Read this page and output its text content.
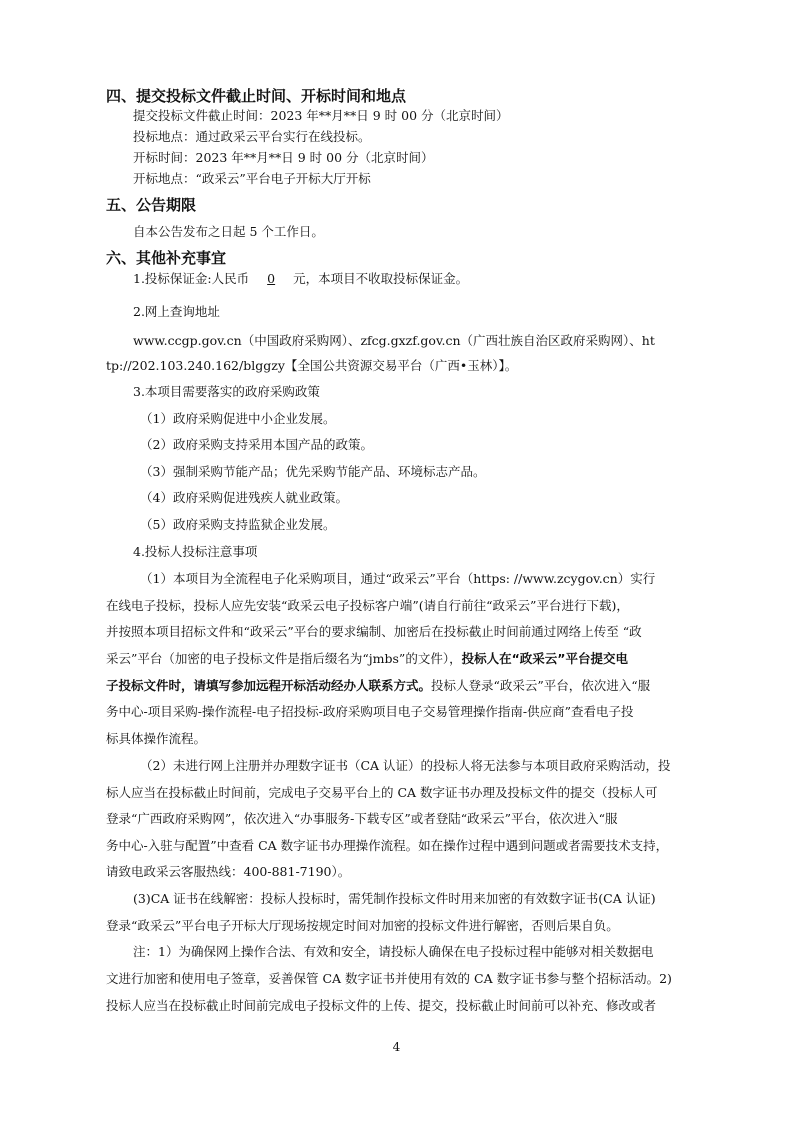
四、提交投标文件截止时间、开标时间和地点
提交投标文件截止时间：2023 年**月**日 9 时 00 分（北京时间）
投标地点：通过政采云平台实行在线投标。
开标时间：2023 年**月**日 9 时 00 分（北京时间）
开标地点：“政采云”平台电子开标大厅开标
五、公告期限
自本公告发布之日起 5 个工作日。
六、其他补充事宜
1.投标保证金:人民币 0 元，本项目不收取投标保证金。
2.网上查询地址
www.ccgp.gov.cn（中国政府采购网）、zfcg.gxzf.gov.cn（广西壮族自治区政府采购网）、ht
tp://202.103.240.162/blggzy【全国公共资源交易平台（广西•玉林）】。
3.本项目需要落实的政府采购政策
（1）政府采购促进中小企业发展。
（2）政府采购支持采用本国产品的政策。
（3）强制采购节能产品；优先采购节能产品、环境标志产品。
（4）政府采购促进残疾人就业政策。
（5）政府采购支持监狱企业发展。
4.投标人投标注意事项
（1）本项目为全流程电子化采购项目，通过“政采云”平台（https: //www.zcygov.cn）实行
在线电子投标，投标人应先安装“政采云电子投标客户端”(请自行前往“政采云”平台进行下载)，
并按照本项目招标文件和“政采云”平台的要求编制、加密后在投标截止时间前通过网络上传至 “政
采云”平台（加密的电子投标文件是指后缀名为“jmbs”的文件），投标人在“政采云”平台提交电
子投标文件时，请填写参加远程开标活动经办人联系方式。投标人登录“政采云”平台，依次进入“服
务中心-项目采购-操作流程-电子招投标-政府采购项目电子交易管理操作指南-供应商”查看电子投
标具体操作流程。
（2）未进行网上注册并办理数字证书（CA 认证）的投标人将无法参与本项目政府采购活动，投
标人应当在投标截止时间前，完成电子交易平台上的 CA 数字证书办理及投标文件的提交（投标人可
登录“广西政府采购网”，依次进入“办事服务-下载专区”或者登陆“政采云”平台，依次进入“服
务中心-入驻与配置”中查看 CA 数字证书办理操作流程。如在操作过程中遇到问题或者需要技术支持，
请致电政采云客服热线：400-881-7190）。
(3)CA 证书在线解密：投标人投标时，需凭制作投标文件时用来加密的有效数字证书(CA 认证)
登录“政采云”平台电子开标大厅现场按规定时间对加密的投标文件进行解密，否则后果自负。
注：1）为确保网上操作合法、有效和安全，请投标人确保在电子投标过程中能够对相关数据电
文进行加密和使用电子签章，妥善保管 CA 数字证书并使用有效的 CA 数字证书参与整个招标活动。2)
投标人应当在投标截止时间前完成电子投标文件的上传、提交，投标截止时间前可以补充、修改或者
4
